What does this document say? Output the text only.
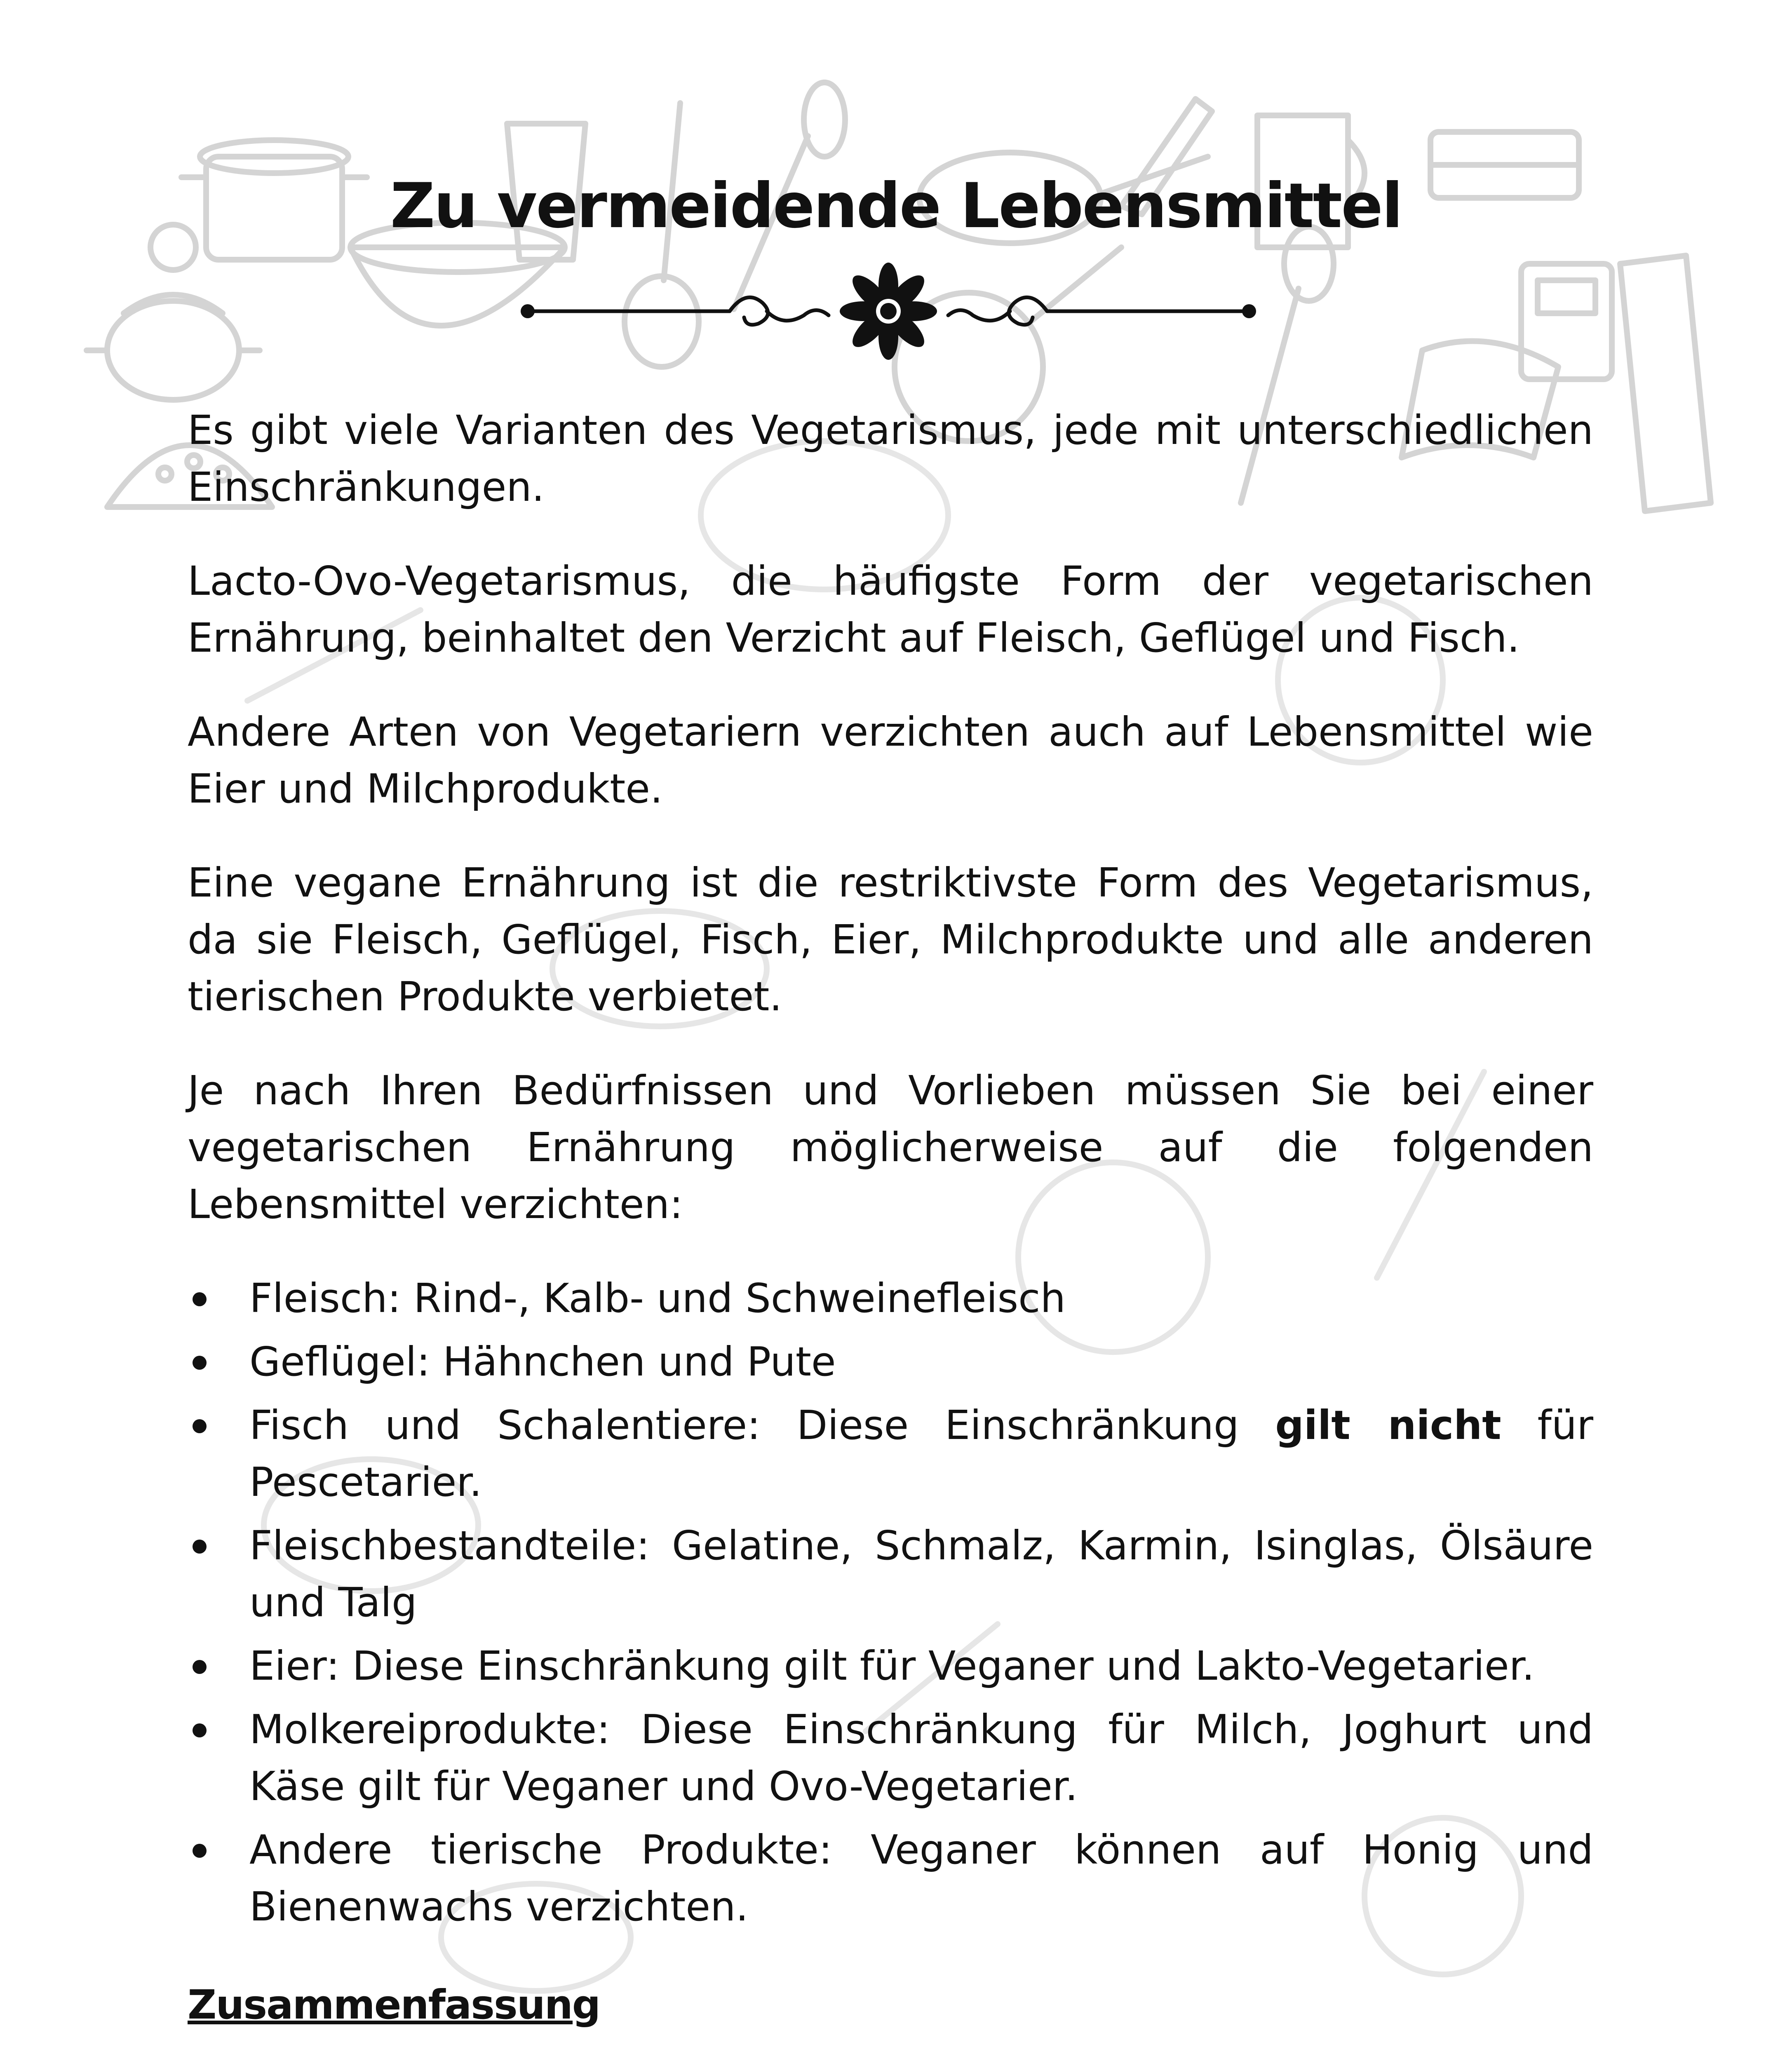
Zu vermeidende Lebensmittel

Es gibt viele Varianten des Vegetarismus, jede mit unterschiedlichen Einschränkungen.

Lacto-Ovo-Vegetarismus, die häufigste Form der vegetarischen Ernährung, beinhaltet den Verzicht auf Fleisch, Geflügel und Fisch.

Andere Arten von Vegetariern verzichten auch auf Lebensmittel wie Eier und Milchprodukte.

Eine vegane Ernährung ist die restriktivste Form des Vegetarismus, da sie Fleisch, Geflügel, Fisch, Eier, Milchprodukte und alle anderen tierischen Produkte verbietet.

Je nach Ihren Bedürfnissen und Vorlieben müssen Sie bei einer vegetarischen Ernährung möglicherweise auf die folgenden Lebensmittel verzichten:

Fleisch: Rind-, Kalb- und Schweinefleisch
Geflügel: Hähnchen und Pute
Fisch und Schalentiere: Diese Einschränkung gilt nicht für Pescetarier.
Fleischbestandteile: Gelatine, Schmalz, Karmin, Isinglas, Ölsäure und Talg
Eier: Diese Einschränkung gilt für Veganer und Lakto-Vegetarier.
Molkereiprodukte: Diese Einschränkung für Milch, Joghurt und Käse gilt für Veganer und Ovo-Vegetarier.
Andere tierische Produkte: Veganer können auf Honig und Bienenwachs verzichten.
Zusammenfassung
